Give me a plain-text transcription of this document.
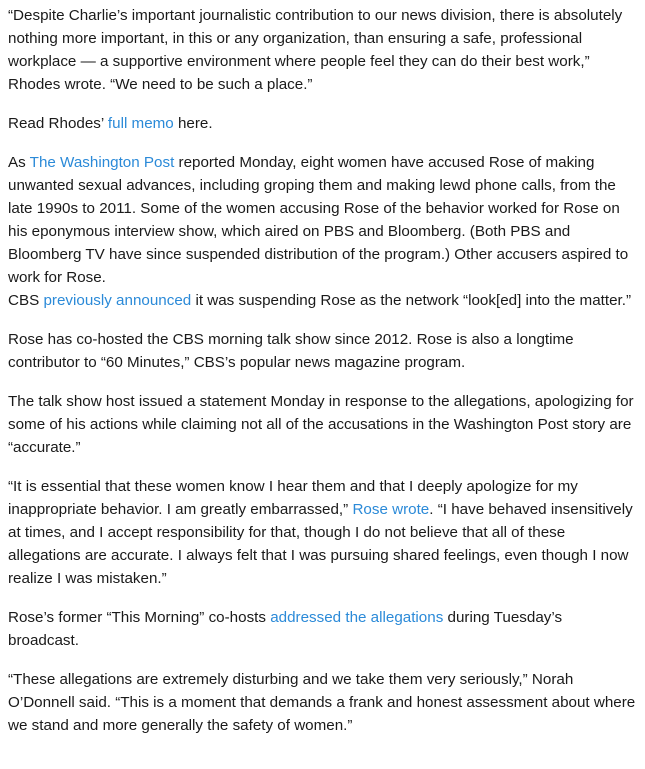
“Despite Charlie’s important journalistic contribution to our news division, there is absolutely nothing more important, in this or any organization, than ensuring a safe, professional workplace — a supportive environment where people feel they can do their best work,” Rhodes wrote. “We need to be such a place.”

Read Rhodes’ full memo here.

As The Washington Post reported Monday, eight women have accused Rose of making unwanted sexual advances, including groping them and making lewd phone calls, from the late 1990s to 2011. Some of the women accusing Rose of the behavior worked for Rose on his eponymous interview show, which aired on PBS and Bloomberg. (Both PBS and Bloomberg TV have since suspended distribution of the program.) Other accusers aspired to work for Rose.

CBS previously announced it was suspending Rose as the network “look[ed] into the matter.”

Rose has co-hosted the CBS morning talk show since 2012. Rose is also a longtime contributor to “60 Minutes,” CBS’s popular news magazine program.

The talk show host issued a statement Monday in response to the allegations, apologizing for some of his actions while claiming not all of the accusations in the Washington Post story are “accurate.”

“It is essential that these women know I hear them and that I deeply apologize for my inappropriate behavior. I am greatly embarrassed,” Rose wrote. “I have behaved insensitively at times, and I accept responsibility for that, though I do not believe that all of these allegations are accurate. I always felt that I was pursuing shared feelings, even though I now realize I was mistaken.”

Rose’s former “This Morning” co-hosts addressed the allegations during Tuesday’s broadcast.

“These allegations are extremely disturbing and we take them very seriously,” Norah O’Donnell said. “This is a moment that demands a frank and honest assessment about where we stand and more generally the safety of women.”
